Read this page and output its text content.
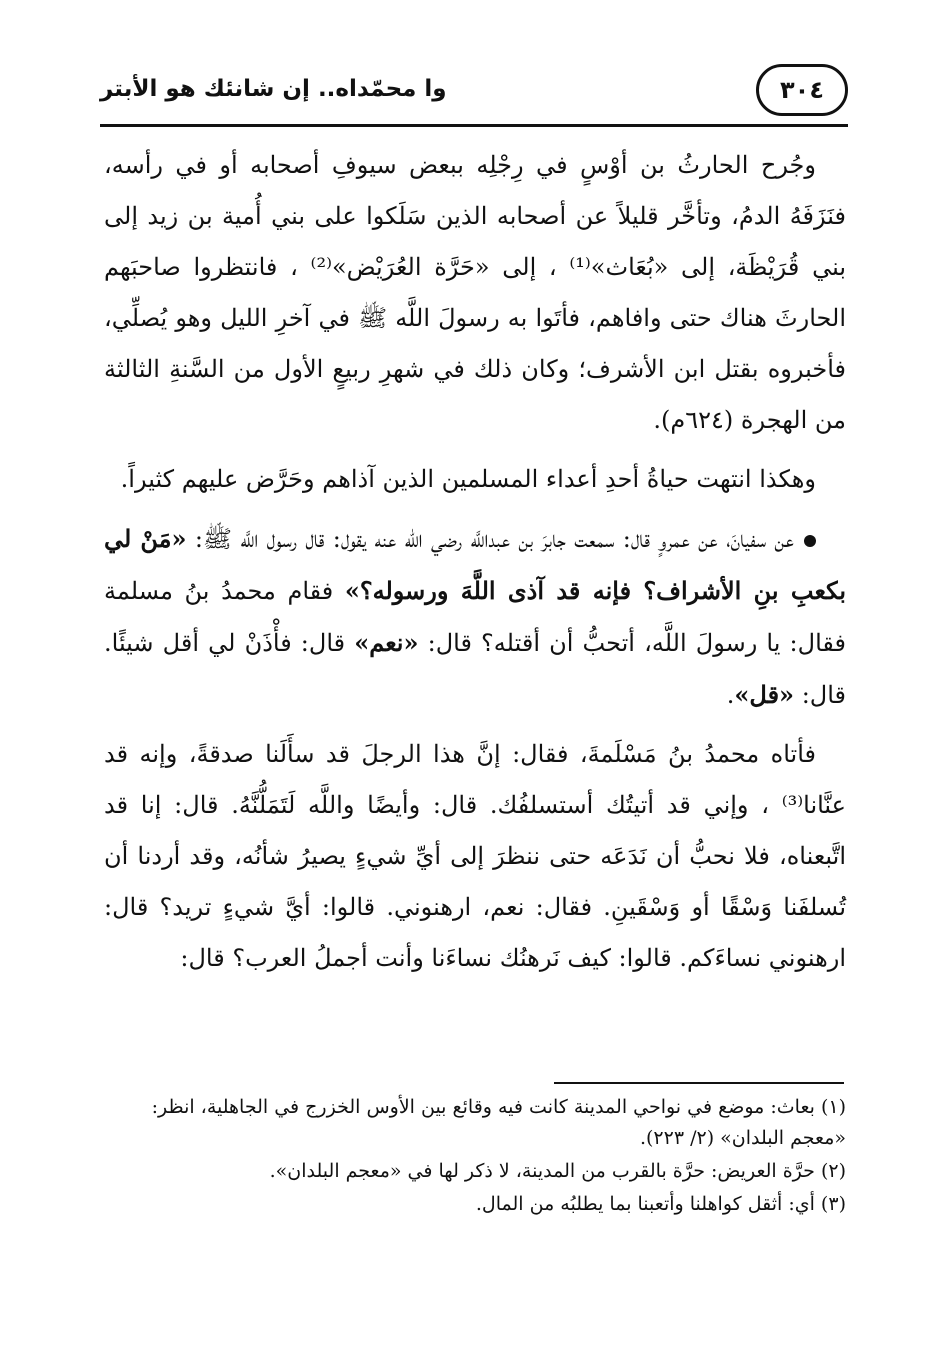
٣٠٤
وا محمّداه.. إن شانئك هو الأبتر

وجُرح الحارثُ بن أوْسٍ في رِجْلِه ببعض سيوفِ أصحابه أو في رأسه، فنَزَفَهُ الدمُ، وتأخَّر قليلاً عن أصحابه الذين سَلَكوا على بني أُمية بن زيد إلى بني قُرَيْظَة، إلى «بُعَاث»⁽¹⁾ ، إلى «حَرَّة العُرَيْض»⁽²⁾ ، فانتظروا صاحبَهم الحارثَ هناك حتى وافاهم، فأتَوا به رسولَ اللَّه ﷺ في آخرِ الليل وهو يُصلِّي، فأخبروه بقتل ابن الأشرف؛ وكان ذلك في شهرِ ربيعٍ الأول من السَّنةِ الثالثة من الهجرة (٦٢٤م).

وهكذا انتهت حياةُ أحدِ أعداء المسلمين الذين آذاهم وحَرَّض عليهم كثيراً.

عن سفيانَ، عن عمروٍ قال: سمعت جابرَ بن عبداللَّه رضي الله عنه يقول: قال رسول اللَّه ﷺ: «مَنْ لي بكعبِ بنِ الأشراف؟ فإنه قد آذى اللَّهَ ورسوله؟» فقام محمدُ بنُ مسلمة فقال: يا رسولَ اللَّه، أتحبُّ أن أقتله؟ قال: «نعم» قال: فأْذَنْ لي أقل شيئًا. قال: «قل».

فأتاه محمدُ بنُ مَسْلَمةَ، فقال: إنَّ هذا الرجلَ قد سأَلَنا صدقةً، وإنه قد عنَّانا⁽³⁾ ، وإني قد أتيتُك أستسلفُك. قال: وأيضًا واللَّه لَتَمَلُّنَّهُ. قال: إنا قد اتَّبعناه، فلا نحبُّ أن نَدَعَه حتى ننظرَ إلى أيِّ شيءٍ يصيرُ شأنُه، وقد أردنا أن تُسلفَنا وَسْقًا أو وَسْقَينِ. فقال: نعم، ارهنوني. قالوا: أيَّ شيءٍ تريد؟ قال: ارهنوني نساءَكم. قالوا: كيف نَرهنُك نساءَنا وأنت أجملُ العرب؟ قال:

(١) بعاث: موضع في نواحي المدينة كانت فيه وقائع بين الأوس الخزرج في الجاهلية، انظر: «معجم البلدان» (٢/ ٢٢٣).

(٢) حرَّة العريض: حرَّة بالقرب من المدينة، لا ذكر لها في «معجم البلدان».

(٣) أي: أثقل كواهلنا وأتعبنا بما يطلبُه من المال.
